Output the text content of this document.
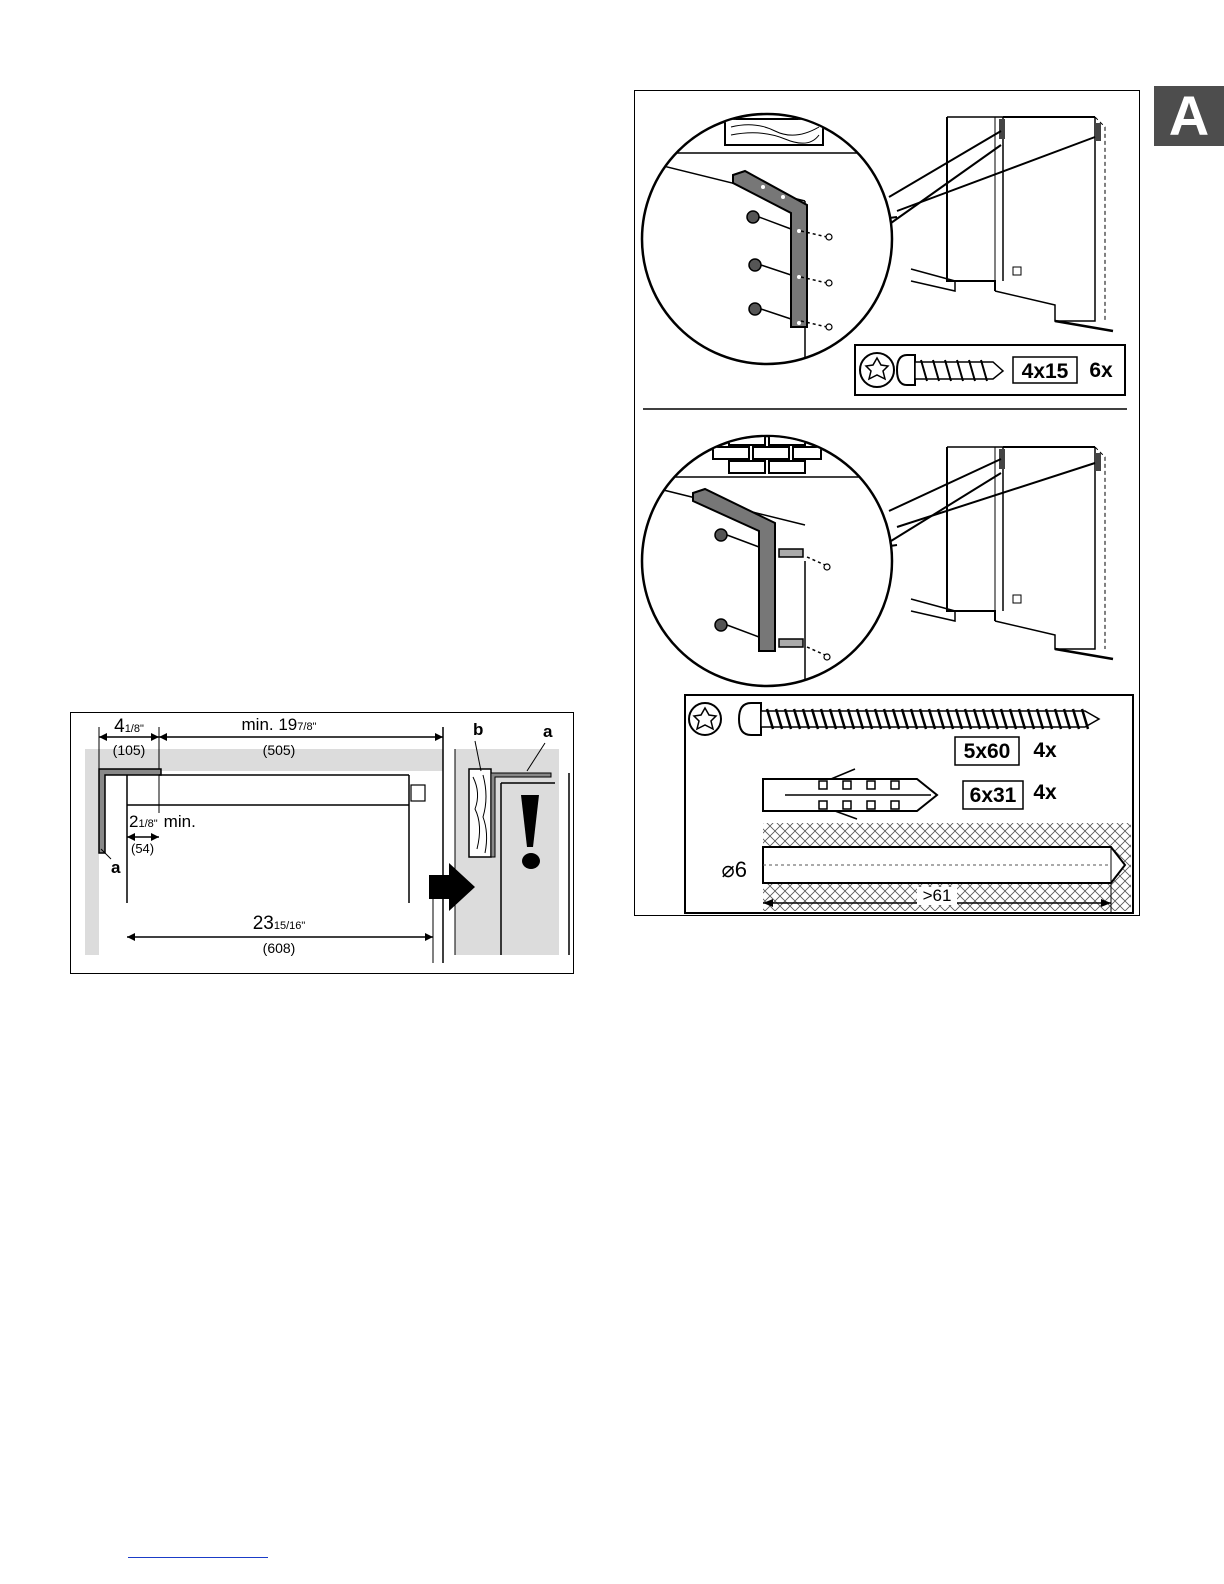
A
4x15 6x
5x60 4x
6x31 4x
⌀6
>61
41/8"
(105)
min. 197/8"
(505)
21/8" min.
(54)
a
2315/16"
(608)
b	a
